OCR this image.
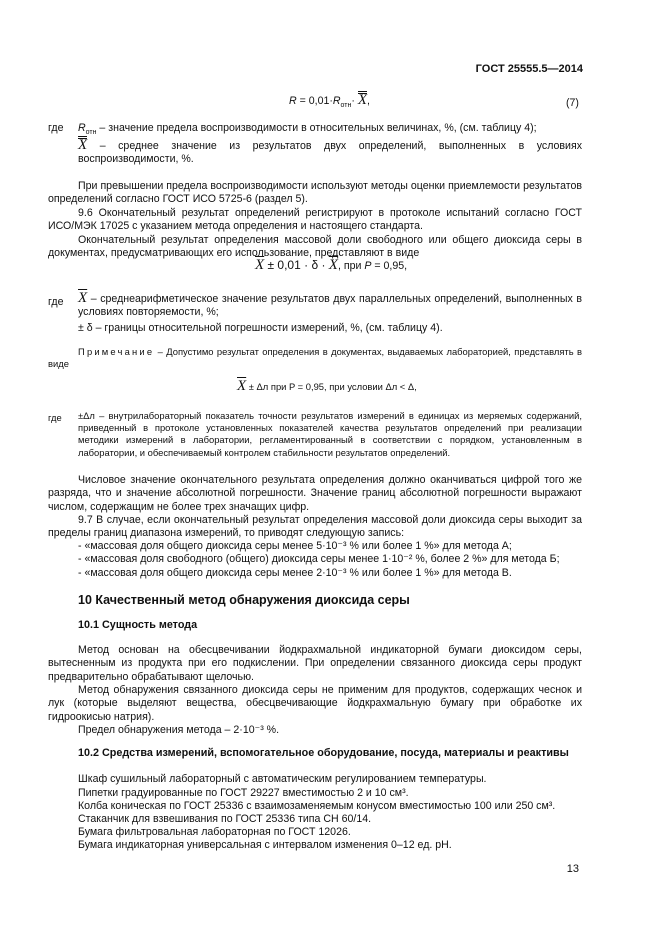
ГОСТ 25555.5—2014
$R = 0,01\cdot R_{отн}\cdot X$,	(7)
где $R_{отн}$ – значение предела воспроизводимости в относительных величинах, %, (см. таблицу 4);
X – среднее значение из результатов двух определений, выполненных в условиях воспроизводимости, %.
При превышении предела воспроизводимости используют методы оценки приемлемости результатов определений согласно ГОСТ ИСО 5725-6 (раздел 5).
9.6 Окончательный результат определений регистрируют в протоколе испытаний согласно ГОСТ ИСО/МЭК 17025 с указанием метода определения и настоящего стандарта.
Окончательный результат определения массовой доли свободного или общего диоксида серы в документах, предусматривающих его использование, представляют в виде
$\overline{X} \pm 0,01 \cdot \delta \cdot \overline{X}$, при P = 0,95,
где $\overline{X}$ – среднеарифметическое значение результатов двух параллельных определений, выполненных в условиях повторяемости, %;
± δ – границы относительной погрешности измерений, %, (см. таблицу 4).
Примечание – Допустимо результат определения в документах, выдаваемых лабораторией, представлять в виде
$\overline{X} \pm \Delta л$ при P = 0,95, при условии Δл < Δ,
где ±Δл – внутрилабораторный показатель точности результатов измерений в единицах из меряемых содержаний, приведенный в протоколе установленных показателей качества результатов определений при реализации методики измерений в лаборатории, регламентированный в соответствии с порядком, установленным в лаборатории, и обеспечиваемый контролем стабильности результатов определений.
Числовое значение окончательного результата определения должно оканчиваться цифрой того же разряда, что и значение абсолютной погрешности. Значение границ абсолютной погрешности выражают числом, содержащим не более трех значащих цифр.
9.7 В случае, если окончательный результат определения массовой доли диоксида серы выходит за пределы границ диапазона измерений, то приводят следующую запись:
- «массовая доля общего диоксида серы менее 5·10⁻³ % или более 1 %» для метода А;
- «массовая доля свободного (общего) диоксида серы менее 1·10⁻² %, более 2 %» для метода Б;
- «массовая доля общего диоксида серы менее 2·10⁻³ % или более 1 %» для метода В.
10 Качественный метод обнаружения диоксида серы
10.1 Сущность метода
Метод основан на обесцвечивании йодкрахмальной индикаторной бумаги диоксидом серы, вытесненным из продукта при его подкислении. При определении связанного диоксида серы продукт предварительно обрабатывают щелочью.
Метод обнаружения связанного диоксида серы не применим для продуктов, содержащих чеснок и лук (которые выделяют вещества, обесцвечивающие йодкрахмальную бумагу при обработке их гидроокисью натрия).
Предел обнаружения метода – 2·10⁻³ %.
10.2 Средства измерений, вспомогательное оборудование, посуда, материалы и реактивы
Шкаф сушильный лабораторный с автоматическим регулированием температуры.
Пипетки градуированные по ГОСТ 29227 вместимостью 2 и 10 см³.
Колба коническая по ГОСТ 25336 с взаимозаменяемым конусом вместимостью 100 или 250 см³.
Стаканчик для взвешивания по ГОСТ 25336 типа СН 60/14.
Бумага фильтровальная лабораторная по ГОСТ 12026.
Бумага индикаторная универсальная с интервалом изменения 0–12 ед. pH.
13
